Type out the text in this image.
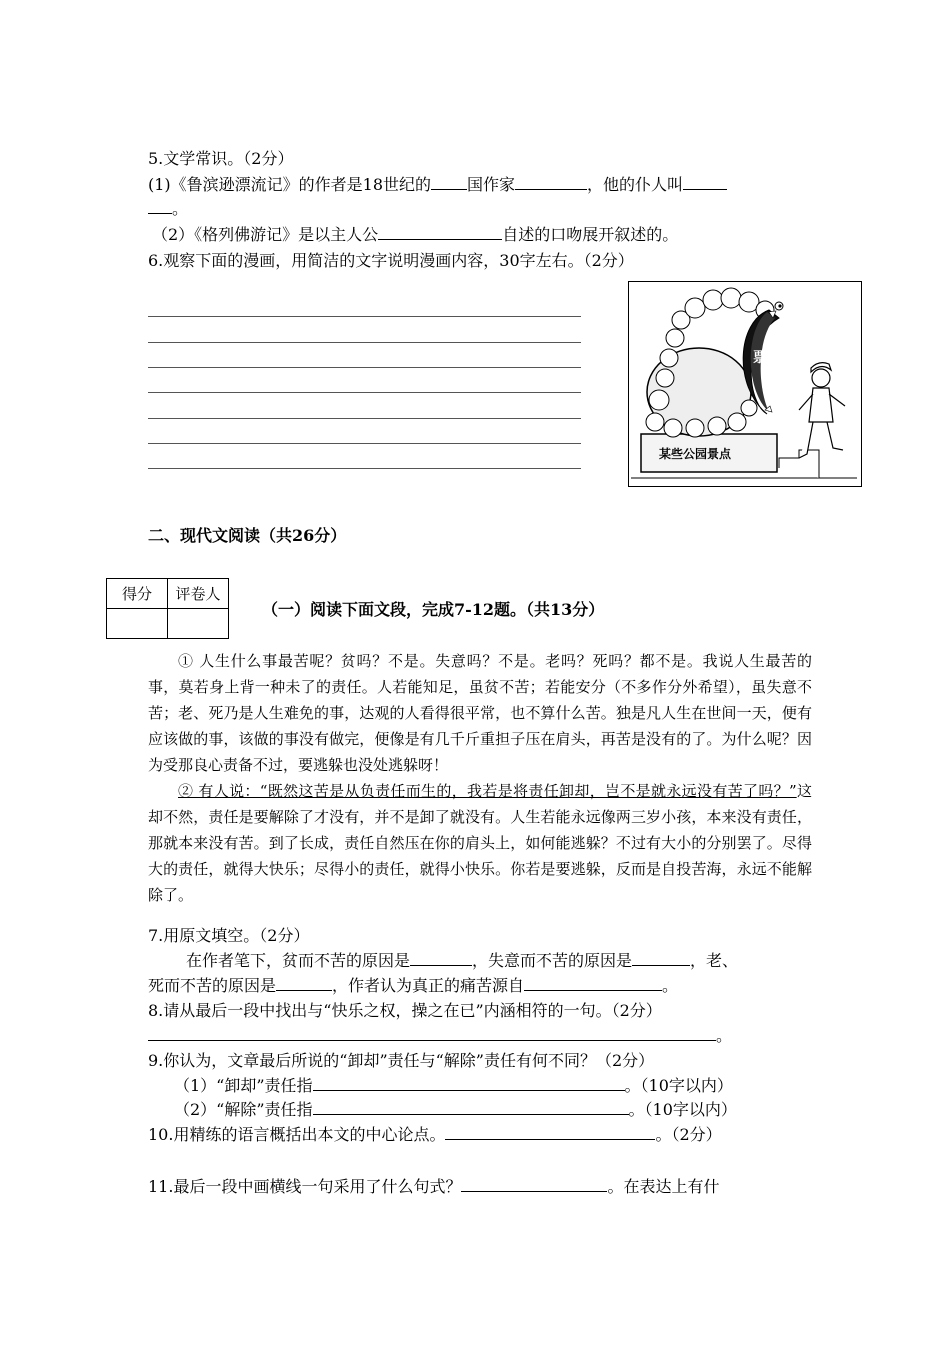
5.文学常识。（2分）
(1)《鲁滨逊漂流记》的作者是18世纪的 国作家	，他的仆人叫
。
（2）《格列佛游记》是以主人公	自述的口吻展开叙述的。
6.观察下面的漫画，用简洁的文字说明漫画内容，30字左右。（2分）
票价
某些公园景点
二、现代文阅读（共26分）
得分	评卷人

（一）阅读下面文段，完成7-12题。（共13分）

① 人生什么事最苦呢？贫吗？不是。失意吗？不是。老吗？死吗？都不是。我说人生最苦的事，莫若身上背一种未了的责任。人若能知足，虽贫不苦；若能安分（不多作分外希望），虽失意不苦；老、死乃是人生难免的事，达观的人看得很平常，也不算什么苦。独是凡人生在世间一天，便有应该做的事，该做的事没有做完，便像是有几千斤重担子压在肩头，再苦是没有的了。为什么呢？因为受那良心责备不过，要逃躲也没处逃躲呀！

② 有人说：“既然这苦是从负责任而生的，我若是将责任卸却，岂不是就永远没有苦了吗？”这却不然，责任是要解除了才没有，并不是卸了就没有。人生若能永远像两三岁小孩，本来没有责任，那就本来没有苦。到了长成，责任自然压在你的肩头上，如何能逃躲？不过有大小的分别罢了。尽得大的责任，就得大快乐；尽得小的责任，就得小快乐。你若是要逃躲，反而是自投苦海，永远不能解除了。

7.用原文填空。（2分）
在作者笔下，贫而不苦的原因是	，失意而不苦的原因是	，老、
死而不苦的原因是	，作者认为真正的痛苦源自	。
8.请从最后一段中找出与“快乐之权，操之在已”内涵相符的一句。（2分）
。
9.你认为，文章最后所说的“卸却”责任与“解除”责任有何不同？（2分）
（1）“卸却”责任指	。（10字以内）
（2）“解除”责任指	。（10字以内）
10.用精练的语言概括出本文的中心论点。	。（2分）
11.最后一段中画横线一句采用了什么句式？	。在表达上有什
